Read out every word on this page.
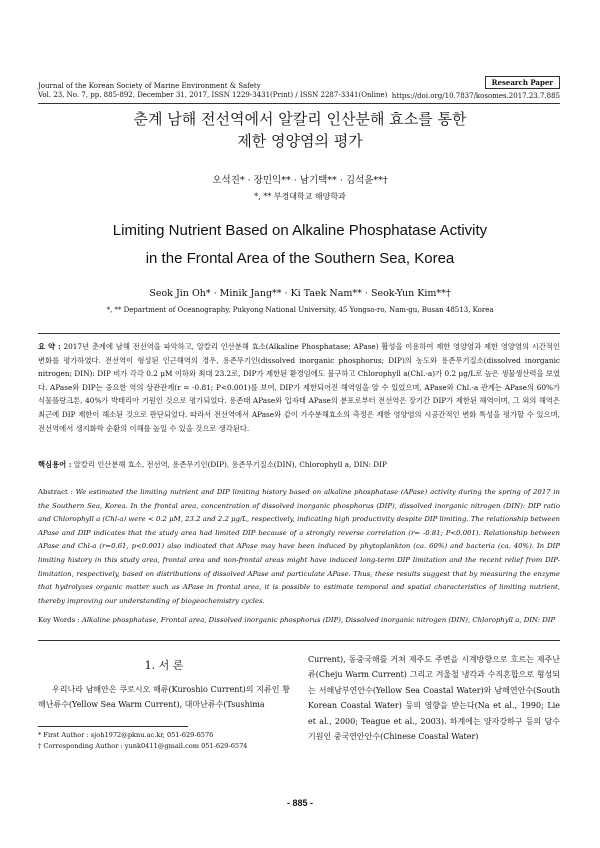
Journal of the Korean Society of Marine Environment & Safety
Vol. 23, No. 7, pp. 885-892, December 31, 2017, ISSN 1229-3431(Print) / ISSN 2287-3341(Online)
Research Paper
https://doi.org/10.7837/kosomes.2017.23.7.885
춘계 남해 전선역에서 알칼리 인산분해 효소를 통한
제한 영양염의 평가
오석진* · 장민익** · 남기택** · 김석윤**†
*, ** 부경대학교 해양학과
Limiting Nutrient Based on Alkaline Phosphatase Activity
in the Frontal Area of the Southern Sea, Korea
Seok Jin Oh* · Minik Jang** · Ki Taek Nam** · Seok-Yun Kim**†
*, ** Department of Oceanography, Pukyong National University, 45 Yongso-ro, Nam-gu, Busan 48513, Korea
요 약 : 2017년 춘계에 남해 전선역을 파악하고, 알칼리 인산분해 효소(Alkaline Phosphatase; APase) 활성을 이용하여 제한 영양염과 제한 영양염의 시간적인 변화를 평가하였다. 전선역이 형성된 인근해역의 경우, 용존무기인(dissolved inorganic phosphorus; DIP)의 농도와 용존무기질소(dissolved inorganic nitrogen; DIN): DIP 비가 각각 0.2 μM 이하와 최대 23.2로, DIP가 제한된 환경임에도 불구하고 Chlorophyll a(Chl.-a)가 0.2 μg/L로 높은 생물생산력을 보였다. APase와 DIP는 중요한 역의 상관관계(r = -0.81; P<0.001)를 보여, DIP가 제한되어진 해역임을 알 수 있었으며, APase와 Chl.-a 관계는 APase의 60%가 식물플랑크톤, 40%가 박테리아 기원인 것으로 평가되었다. 용존태 APase와 입자태 APase의 분포로부터 전선역은 장기간 DIP가 제한된 해역이며, 그 외의 해역은 최근에 DIP 제한이 해소된 것으로 판단되었다. 따라서 전선역에서 APase와 같이 가수분해효소의 측정은 제한 영양염의 시공간적인 변화 특성을 평가할 수 있으며, 전선역에서 생지화학 순환의 이해를 높일 수 있을 것으로 생각된다.
핵심용어 : 알칼리 인산분해 효소, 전선역, 용존무기인(DIP), 용존무기질소(DIN), Chlorophyll a, DIN: DIP
Abstract : We estimated the limiting nutrient and DIP limiting history based on alkaline phosphatase (APase) activity during the spring of 2017 in the Southern Sea, Korea. In the frontal area, concentration of dissolved inorganic phosphorus (DIP), dissolved inorganic nitrogen (DIN): DIP ratio and Chlorophyll a (Chl-a) were < 0.2 μM, 23.2 and 2.2 μg/L, respectively, indicating high productivity despite DIP limiting. The relationship between APase and DIP indicates that the study area had limited DIP because of a strongly reverse correlation (r= -0.81; P<0.001). Relationship between APase and Chl-a (r=0.61, p<0.001) also indicated that APase may have been induced by phytoplankton (ca. 60%) and bacteria (ca. 40%). In DIP limiting history in this study area, frontal area and non-frontal areas might have induced long-term DIP limitation and the recent relief from DIP-limitation, respectively, based on distributions of dissolved APase and particulate APase. Thus, these results suggest that by measuring the enzyme that hydrolyzes organic matter such as APase in frontal area, it is possible to estimate temporal and spatial characteristics of limiting nutrient, thereby improving our understanding of biogeochemistry cycles.
Key Words : Alkaline phosphatase, Frontal area, Dissolved inorganic phosphorus (DIP), Dissolved inorganic nitrogen (DIN), Chlorophyll a, DIN: DIP
1. 서 론
우리나라 남해안은 쿠로시오 해류(Kuroshio Current)의 지류인 황해난류수(Yellow Sea Warm Current), 대마난류수(Tsushima
Current), 동중국해를 거쳐 제주도 주변을 시계방향으로 흐르는 제주난류(Cheju Warm Current) 그리고 겨울철 냉각과 수직혼합으로 형성되는 서해남부연안수(Yellow Sea Coastal Water)와 남해연안수(South Korean Coastal Water) 등의 영향을 받는다(Na et al., 1990; Lie et al., 2000; Teague et al., 2003). 하계에는 양자강하구 등의 담수 기원인 중국연안안수(Chinese Coastal Water)
* First Author : sjoh1972@pknu.ac.kr, 051-629-6576
† Corresponding Author : yunk0411@gmail.com 051-629-6574
- 885 -
